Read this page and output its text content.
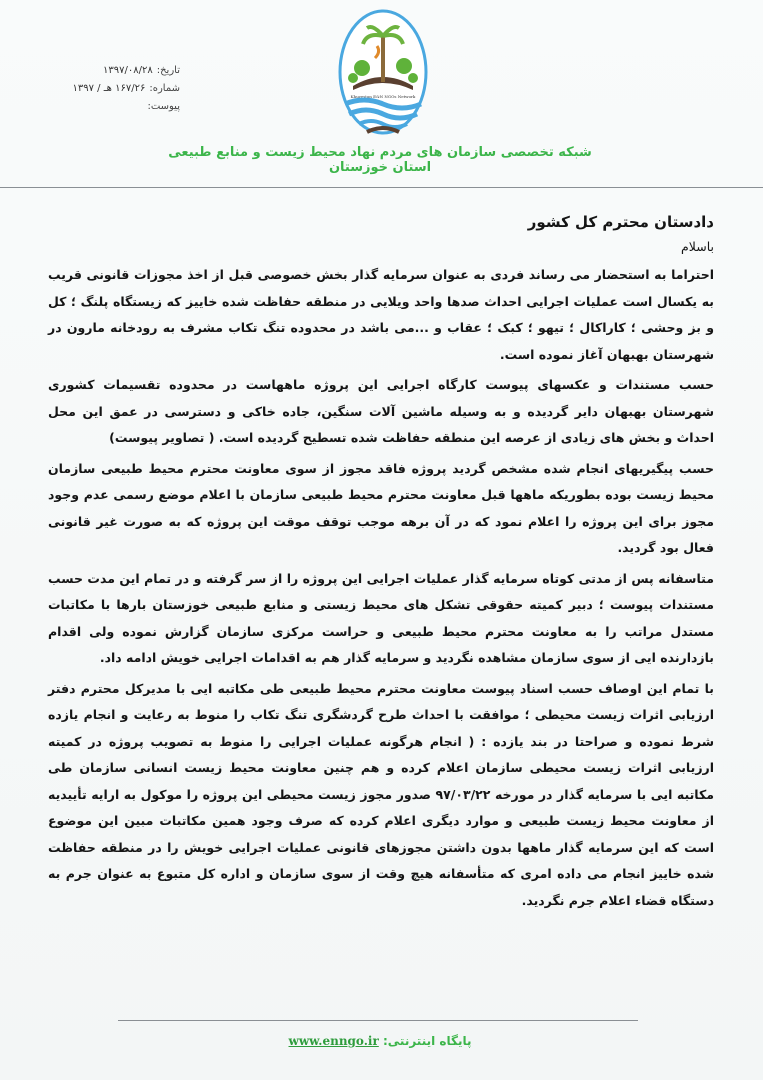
تاریخ:
۱۳۹۷/۰۸/۲۸
شماره:
۱۶۷/۲۶ هـ / ۱۳۹۷
پیوست:
Khuzestan E&N NGOs Network
شبکه تخصصی سازمان های مردم نهاد محیط زیست و منابع طبیعی استان خوزستان
دادستان محترم کل کشور
باسلام

احتراما به استحضار می رساند فردی به عنوان سرمایه گذار بخش خصوصی قبل از اخذ مجوزات قانونی قریب به یکسال است عملیات اجرایی احداث صدها واحد ویلایی در منطقه حفاظت شده خاییز که زیستگاه پلنگ ؛ کل و بز وحشی ؛ کاراکال ؛ تیهو ؛ کبک ؛ عقاب و ...می باشد در محدوده تنگ تکاب مشرف به رودخانه مارون در شهرستان بهبهان آغاز نموده است.

حسب مستندات و عکسهای پیوست کارگاه اجرایی این پروژه ماههاست در محدوده تقسیمات کشوری شهرستان بهبهان دایر گردیده و به وسیله ماشین آلات سنگین، جاده خاکی و دسترسی در عمق این محل احداث و بخش های زیادی از عرصه این منطقه حفاظت شده تسطیح گردیده است. ( تصاویر پیوست)

حسب پیگیریهای انجام شده مشخص گردید پروژه فاقد مجوز از سوی معاونت محترم محیط طبیعی سازمان محیط زیست بوده بطوریکه ماهها قبل معاونت محترم محیط طبیعی سازمان با اعلام موضع رسمی عدم وجود مجوز برای این پروژه را اعلام نمود که در آن برهه موجب توقف موقت این پروژه که به صورت غیر قانونی فعال بود گردید.

متاسفانه پس از مدتی کوتاه سرمایه گذار عملیات اجرایی این پروژه را از سر گرفته و در تمام این مدت حسب مستندات پیوست ؛ دبیر کمیته حقوقی تشکل های محیط زیستی و منابع طبیعی خوزستان بارها با مکاتبات مستدل مراتب را به معاونت محترم محیط طبیعی و حراست مرکزی سازمان گزارش نموده ولی اقدام بازدارنده ایی از سوی سازمان مشاهده نگردید و سرمایه گذار هم به اقدامات اجرایی خویش ادامه داد.

با تمام این اوصاف حسب اسناد پیوست معاونت محترم محیط طبیعی طی مکاتبه ایی با مدیرکل محترم دفتر ارزیابی اثرات زیست محیطی ؛ موافقت با احداث طرح گردشگری تنگ تکاب را منوط به رعایت و انجام یازده شرط نموده و صراحتا در بند یازده : ( انجام هرگونه عملیات اجرایی را منوط به تصویب پروژه در کمیته ارزیابی اثرات زیست محیطی سازمان اعلام کرده و هم چنین معاونت محیط زیست انسانی سازمان طی مکاتبه ایی با سرمایه گذار در مورخه ۹۷/۰۳/۲۲ صدور مجوز زیست محیطی این پروژه را موکول به ارایه تأییدیه از معاونت محیط زیست طبیعی و موارد دیگری اعلام کرده که صرف وجود همین مکاتبات مبین این موضوع است که این سرمایه گذار ماهها بدون داشتن مجوزهای قانونی عملیات اجرایی خویش را در منطقه حفاظت شده خاییز انجام می داده امری که متأسفانه هیچ وقت از سوی سازمان و اداره کل متبوع به عنوان جرم به دستگاه قضاء اعلام جرم نگردید.

پایگاه اینترنتی: www.enngo.ir
